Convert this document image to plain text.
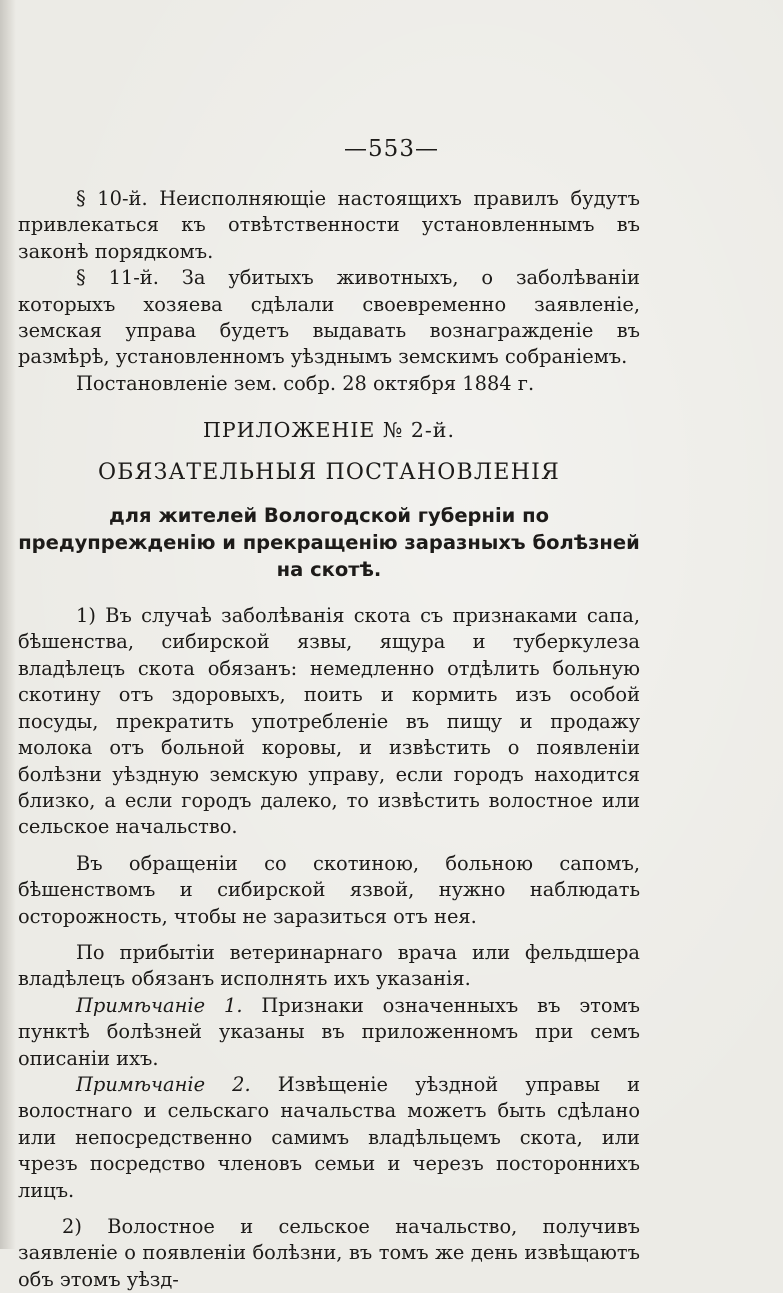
—553—

§ 10-й. Неисполняющіе настоящихъ правилъ будутъ привлекаться къ отвѣтственности установленнымъ въ законѣ порядкомъ.

§ 11-й. За убитыхъ животныхъ, о заболѣваніи которыхъ хозяева сдѣлали своевременно заявленіе, земская управа будетъ выдавать вознагражденіе въ размѣрѣ, установленномъ уѣзднымъ земскимъ собраніемъ.

Постановленіе зем. собр. 28 октября 1884 г.

ПРИЛОЖЕНІЕ № 2-й.

ОБЯЗАТЕЛЬНЫЯ ПОСТАНОВЛЕНІЯ

для жителей Вологодской губерніи по предупрежденію и прекращенію заразныхъ болѣзней на скотѣ.

1) Въ случаѣ заболѣванія скота съ признаками сапа, бѣшенства, сибирской язвы, ящура и туберкулеза владѣлецъ скота обязанъ: немедленно отдѣлить больную скотину отъ здоровыхъ, поить и кормить изъ особой посуды, прекратить употребленіе въ пищу и продажу молока отъ больной коровы, и извѣстить о появленіи болѣзни уѣздную земскую управу, если городъ находится близко, а если городъ далеко, то извѣстить волостное или сельское начальство.

Въ обращеніи со скотиною, больною сапомъ, бѣшенствомъ и сибирской язвой, нужно наблюдать осторожность, чтобы не заразиться отъ нея.

По прибытіи ветеринарнаго врача или фельдшера владѣлецъ обязанъ исполнять ихъ указанія.

Примѣчаніе 1. Признаки означенныхъ въ этомъ пунктѣ болѣзней указаны въ приложенномъ при семъ описаніи ихъ.

Примѣчаніе 2. Извѣщеніе уѣздной управы и волостнаго и сельскаго начальства можетъ быть сдѣлано или непосредственно самимъ владѣльцемъ скота, или чрезъ посредство членовъ семьи и черезъ постороннихъ лицъ.

2) Волостное и сельское начальство, получивъ заявленіе о появленіи болѣзни, въ томъ же день извѣщаютъ объ этомъ уѣзд-
